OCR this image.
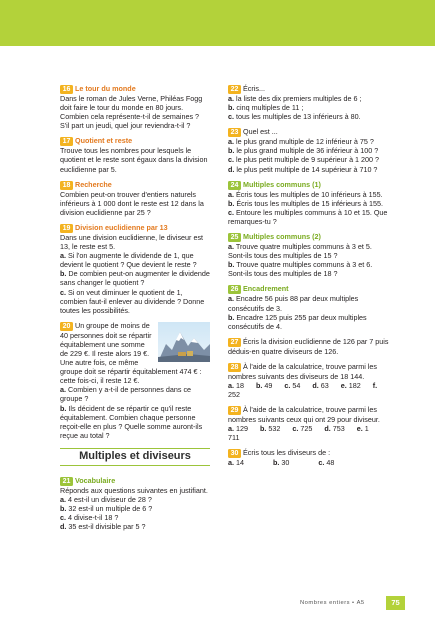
16 Le tour du monde

Dans le roman de Jules Verne, Philéas Fogg doit faire le tour du monde en 80 jours. Combien cela représente-t-il de semaines ? S'il part un jeudi, quel jour reviendra-t-il ?

17 Quotient et reste

Trouve tous les nombres pour lesquels le quotient et le reste sont égaux dans la division euclidienne par 5.

18 Recherche

Combien peut-on trouver d'entiers naturels inférieurs à 1 000 dont le reste est 12 dans la division euclidienne par 25 ?

19 Division euclidienne par 13

Dans une division euclidienne, le diviseur est 13, le reste est 5.

a. Si l'on augmente le dividende de 1, que devient le quotient ? Que devient le reste ?

b. De combien peut-on augmenter le dividende sans changer le quotient ?

c. Si on veut diminuer le quotient de 1, combien faut-il enlever au dividende ? Donne toutes les possibilités.

20 Un groupe de moins de 40 personnes doit se répartir équitablement une somme de 229 €. Il reste alors 19 €. Une autre fois, ce même groupe doit se répartir équitablement 474 € : cette fois-ci, il reste 12 €.

a. Combien y a-t-il de personnes dans ce groupe ?

b. Ils décident de se répartir ce qu'il reste équitablement. Combien chaque personne reçoit-elle en plus ? Quelle somme auront-ils reçue au total ?

Multiples et diviseurs

21 Vocabulaire

Réponds aux questions suivantes en justifiant.

a. 4 est-il un diviseur de 28 ?

b. 32 est-il un multiple de 6 ?

c. 4 divise-t-il 18 ?

d. 35 est-il divisible par 5 ?

22 Écris...

a. la liste des dix premiers multiples de 6 ;

b. cinq multiples de 11 ;

c. tous les multiples de 13 inférieurs à 80.

23 Quel est ...

a. le plus grand multiple de 12 inférieur à 75 ?

b. le plus grand multiple de 36 inférieur à 100 ?

c. le plus petit multiple de 9 supérieur à 1 200 ?

d. le plus petit multiple de 14 supérieur à 710 ?

24 Multiples communs (1)

a. Écris tous les multiples de 10 inférieurs à 155.

b. Écris tous les multiples de 15 inférieurs à 155.

c. Entoure les multiples communs à 10 et 15. Que remarques-tu ?

25 Multiples communs (2)

a. Trouve quatre multiples communs à 3 et 5. Sont-ils tous des multiples de 15 ?

b. Trouve quatre multiples communs à 3 et 6. Sont-ils tous des multiples de 18 ?

26 Encadrement

a. Encadre 56 puis 88 par deux multiples consécutifs de 3.

b. Encadre 125 puis 255 par deux multiples consécutifs de 4.

27 Écris la division euclidienne de 126 par 7 puis déduis-en quatre diviseurs de 126.

28 À l'aide de la calculatrice, trouve parmi les nombres suivants des diviseurs de 18 144.

a. 18 b. 49 c. 54 d. 63 e. 182 f. 252

29 À l'aide de la calculatrice, trouve parmi les nombres suivants ceux qui ont 29 pour diviseur.

a. 129 b. 532 c. 725 d. 753 e. 1 711

30 Écris tous les diviseurs de :

a. 14	b. 30	c. 48

Nombres entiers • A5	75
